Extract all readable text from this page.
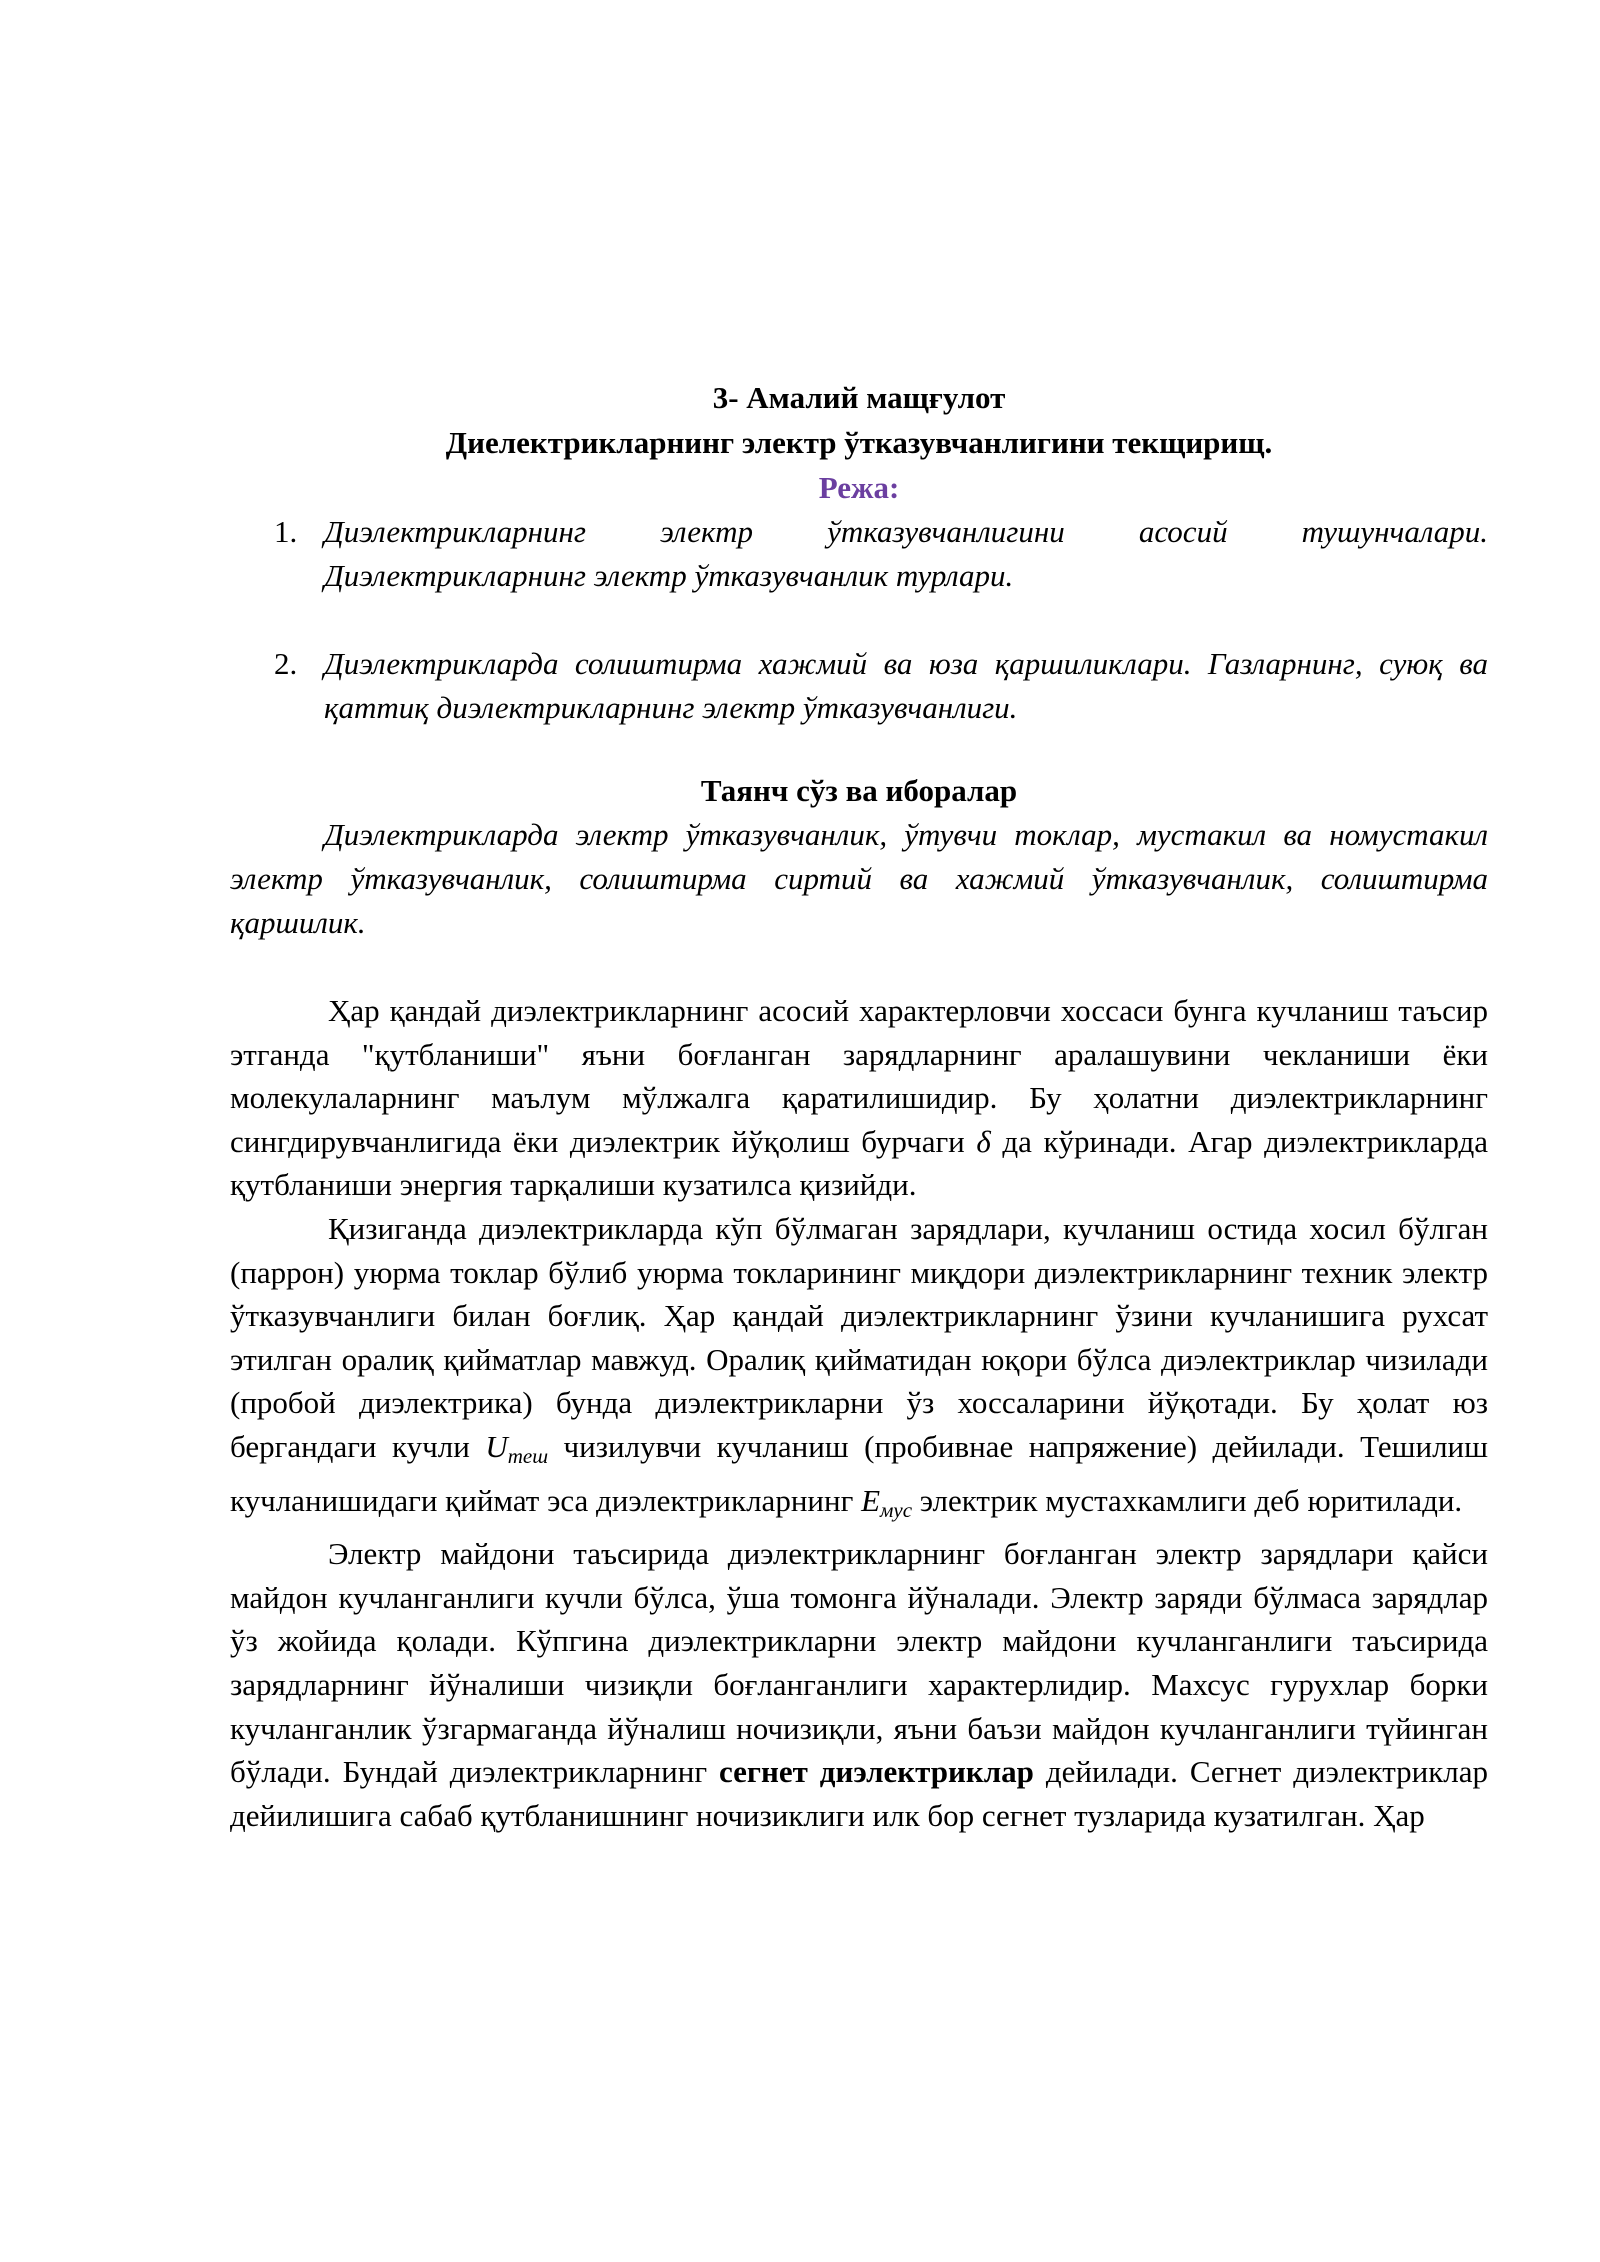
3- Амалий мащғулот
Диелектрикларнинг электр ўтказувчанлигини текщирищ.
Режа:
1. Диэлектрикларнинг электр ўтказувчанлигини асосий тушунчалари. Диэлектрикларнинг электр ўтказувчанлик турлари.
2. Диэлектрикларда солиштирма хажмий ва юза қаршиликлари. Газларнинг, суюқ ва қаттиқ диэлектрикларнинг электр ўтказувчанлиги.
Таянч сўз ва иборалар

Диэлектрикларда электр ўтказувчанлик, ўтувчи токлар, мустакил ва номустакил электр ўтказувчанлик, солиштирма сиртий ва хажмий ўтказувчанлик, солиштирма қаршилик.

Ҳар қандай диэлектрикларнинг асосий характерловчи хоссаси бунга кучланиш таъсир этганда "қутбланиши" яъни боғланган зарядларнинг аралашувини чекланиши ёки молекулаларнинг маълум мўлжалга қаратилишидир. Бу ҳолатни диэлектрикларнинг сингдирувчанлигида ёки диэлектрик йўқолиш бурчаги δ да кўринади. Агар диэлектрикларда қутбланиши энергия тарқалиши кузатилса қизийди.

Қизиганда диэлектрикларда кўп бўлмаган зарядлари, кучланиш остида хосил бўлган (паррон) уюрма токлар бўлиб уюрма токларининг миқдори диэлектрикларнинг техник электр ўтказувчанлиги билан боғлиқ. Ҳар қандай диэлектрикларнинг ўзини кучланишига рухсат этилган оралиқ қийматлар мавжуд. Оралиқ қийматидан юқори бўлса диэлектриклар чизилади (пробой диэлектрика) бунда диэлектрикларни ўз хоссаларини йўқотади. Бу ҳолат юз бергандаги кучли $U_{теш}$ чизилувчи кучланиш (пробивнае напряжение) дейилади. Тешилиш кучланишидаги қиймат эса диэлектрикларнинг $E_{мус}$ электрик мустахкамлиги деб юритилади.

Электр майдони таъсирида диэлектрикларнинг боғланган электр зарядлари қайси майдон кучланганлиги кучли бўлса, ўша томонга йўналади. Электр заряди бўлмаса зарядлар ўз жойида қолади. Кўпгина диэлектрикларни электр майдони кучланганлиги таъсирида зарядларнинг йўналиши чизиқли боғланганлиги характерлидир. Махсус гурухлар борки кучланганлик ўзгармаганда йўналиш ночизиқли, яъни баъзи майдон кучланганлиги түйинган бўлади. Бундай диэлектрикларнинг сегнет диэлектриклар дейилади. Сегнет диэлектриклар дейилишига сабаб қутбланишнинг ночизиклиги илк бор сегнет тузларида кузатилган. Ҳар
